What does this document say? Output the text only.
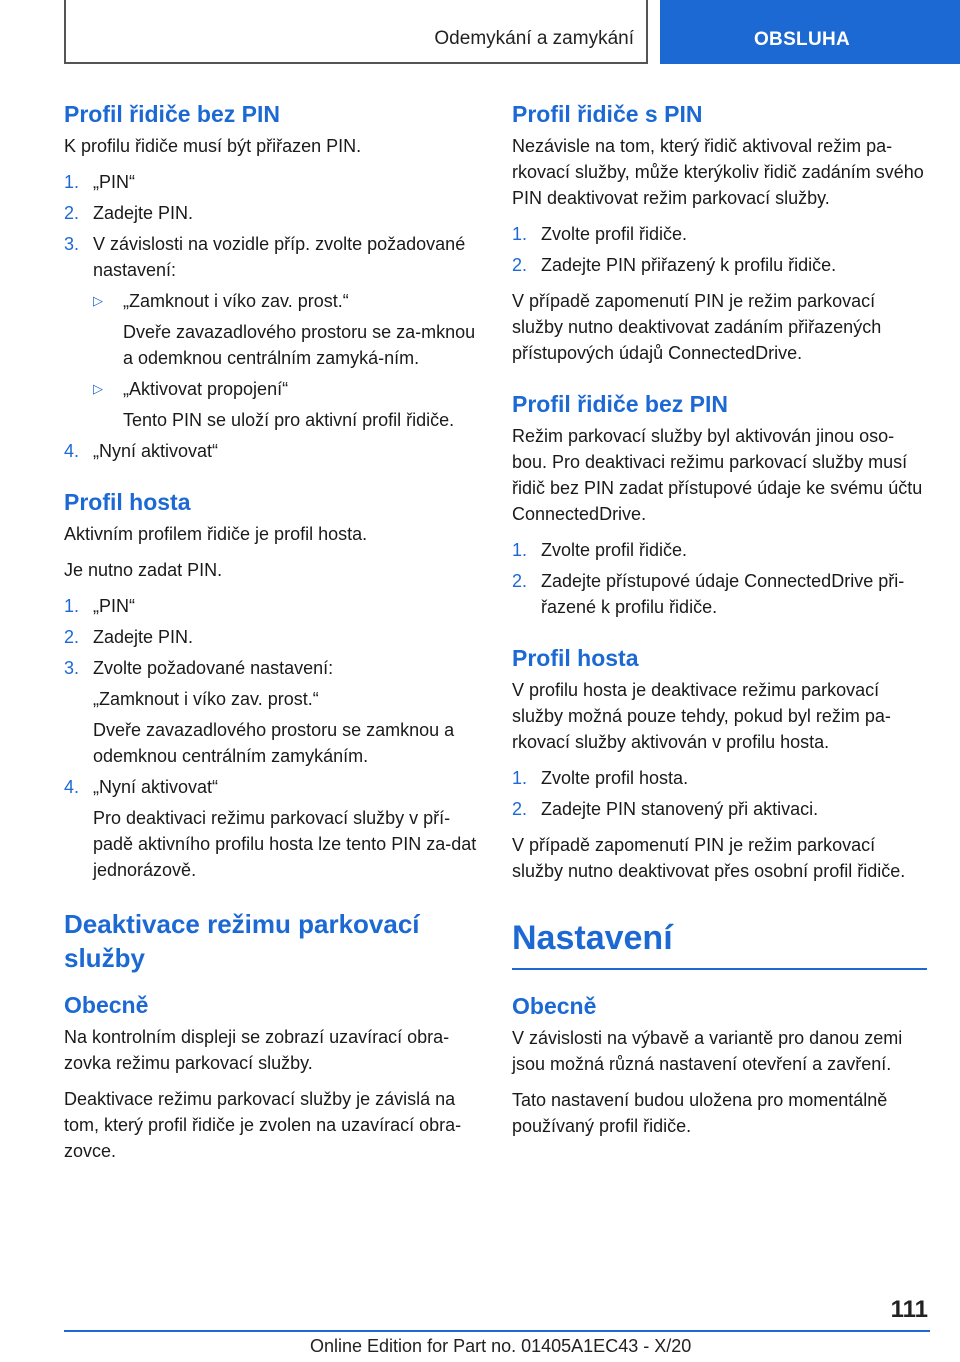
Odemykání a zamykání	OBSLUHA
Profil řidiče bez PIN
K profilu řidiče musí být přiřazen PIN.
1. „PIN“
2. Zadejte PIN.
3. V závislosti na vozidle příp. zvolte požadované nastavení:
▷	„Zamknout i víko zav. prost.“
Dveře zavazadlového prostoru se za‐mknou a odemknou centrálním zamyká‐ním.
▷	„Aktivovat propojení“
Tento PIN se uloží pro aktivní profil řidiče.
4. „Nyní aktivovat“
Profil hosta
Aktivním profilem řidiče je profil hosta.
Je nutno zadat PIN.
1. „PIN“
2. Zadejte PIN.
3. Zvolte požadované nastavení:
„Zamknout i víko zav. prost.“
Dveře zavazadlového prostoru se zamknou a odemknou centrálním zamykáním.
4. „Nyní aktivovat“
Pro deaktivaci režimu parkovací služby v pří‐padě aktivního profilu hosta lze tento PIN za‐dat jednorázově.
Deaktivace režimu parkovací služby
Obecně
Na kontrolním displeji se zobrazí uzavírací obra‐zovka režimu parkovací služby.
Deaktivace režimu parkovací služby je závislá na tom, který profil řidiče je zvolen na uzavírací obra‐zovce.
Profil řidiče s PIN
Nezávisle na tom, který řidič aktivoval režim pa‐rkovací služby, může kterýkoliv řidič zadáním svého PIN deaktivovat režim parkovací služby.
1. Zvolte profil řidiče.
2. Zadejte PIN přiřazený k profilu řidiče.
V případě zapomenutí PIN je režim parkovací služby nutno deaktivovat zadáním přiřazených přístupových údajů ConnectedDrive.
Profil řidiče bez PIN
Režim parkovací služby byl aktivován jinou oso‐bou. Pro deaktivaci režimu parkovací služby musí řidič bez PIN zadat přístupové údaje ke svému účtu ConnectedDrive.
1. Zvolte profil řidiče.
2. Zadejte přístupové údaje ConnectedDrive při‐řazené k profilu řidiče.
Profil hosta
V profilu hosta je deaktivace režimu parkovací služby možná pouze tehdy, pokud byl režim pa‐rkovací služby aktivován v profilu hosta.
1. Zvolte profil hosta.
2. Zadejte PIN stanovený při aktivaci.
V případě zapomenutí PIN je režim parkovací služby nutno deaktivovat přes osobní profil řidiče.
Nastavení
Obecně
V závislosti na výbavě a variantě pro danou zemi jsou možná různá nastavení otevření a zavření.
Tato nastavení budou uložena pro momentálně používaný profil řidiče.
111
Online Edition for Part no. 01405A1EC43 - X/20
